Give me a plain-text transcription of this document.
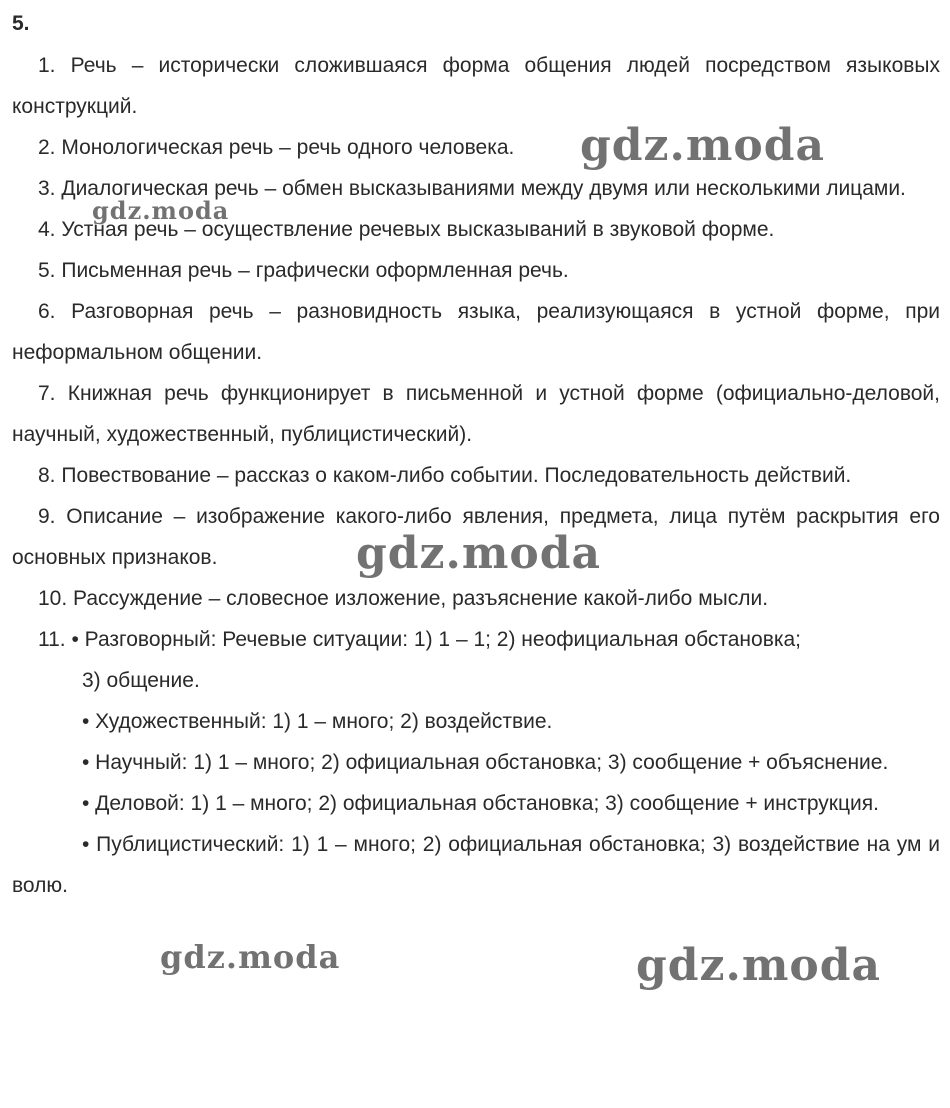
5.

1. Речь – исторически сложившаяся форма общения людей посредством языковых конструкций.

2. Монологическая речь – речь одного человека.

3. Диалогическая речь – обмен высказываниями между двумя или несколькими лицами.

4. Устная речь – осуществление речевых высказываний в звуковой форме.

5. Письменная речь – графически оформленная речь.

6. Разговорная речь – разновидность языка, реализующаяся в устной форме, при неформальном общении.

7. Книжная речь функционирует в письменной и устной форме (официально-деловой, научный, художественный, публицистический).

8. Повествование – рассказ о каком-либо событии. Последовательность действий.

9. Описание – изображение какого-либо явления, предмета, лица путём раскрытия его основных признаков.

10. Рассуждение – словесное изложение, разъяснение какой-либо мысли.

11. • Разговорный: Речевые ситуации: 1) 1 – 1; 2) неофициальная обстановка;

3) общение.

• Художественный: 1) 1 – много; 2) воздействие.

• Научный: 1) 1 – много; 2) официальная обстановка; 3) сообщение + объяснение.

• Деловой: 1) 1 – много; 2) официальная обстановка; 3) сообщение + инструкция.

• Публицистический: 1) 1 – много; 2) официальная обстановка; 3) воздействие на ум и волю.

gdz.moda
gdz.moda
gdz.moda
gdz.moda	gdz.moda
